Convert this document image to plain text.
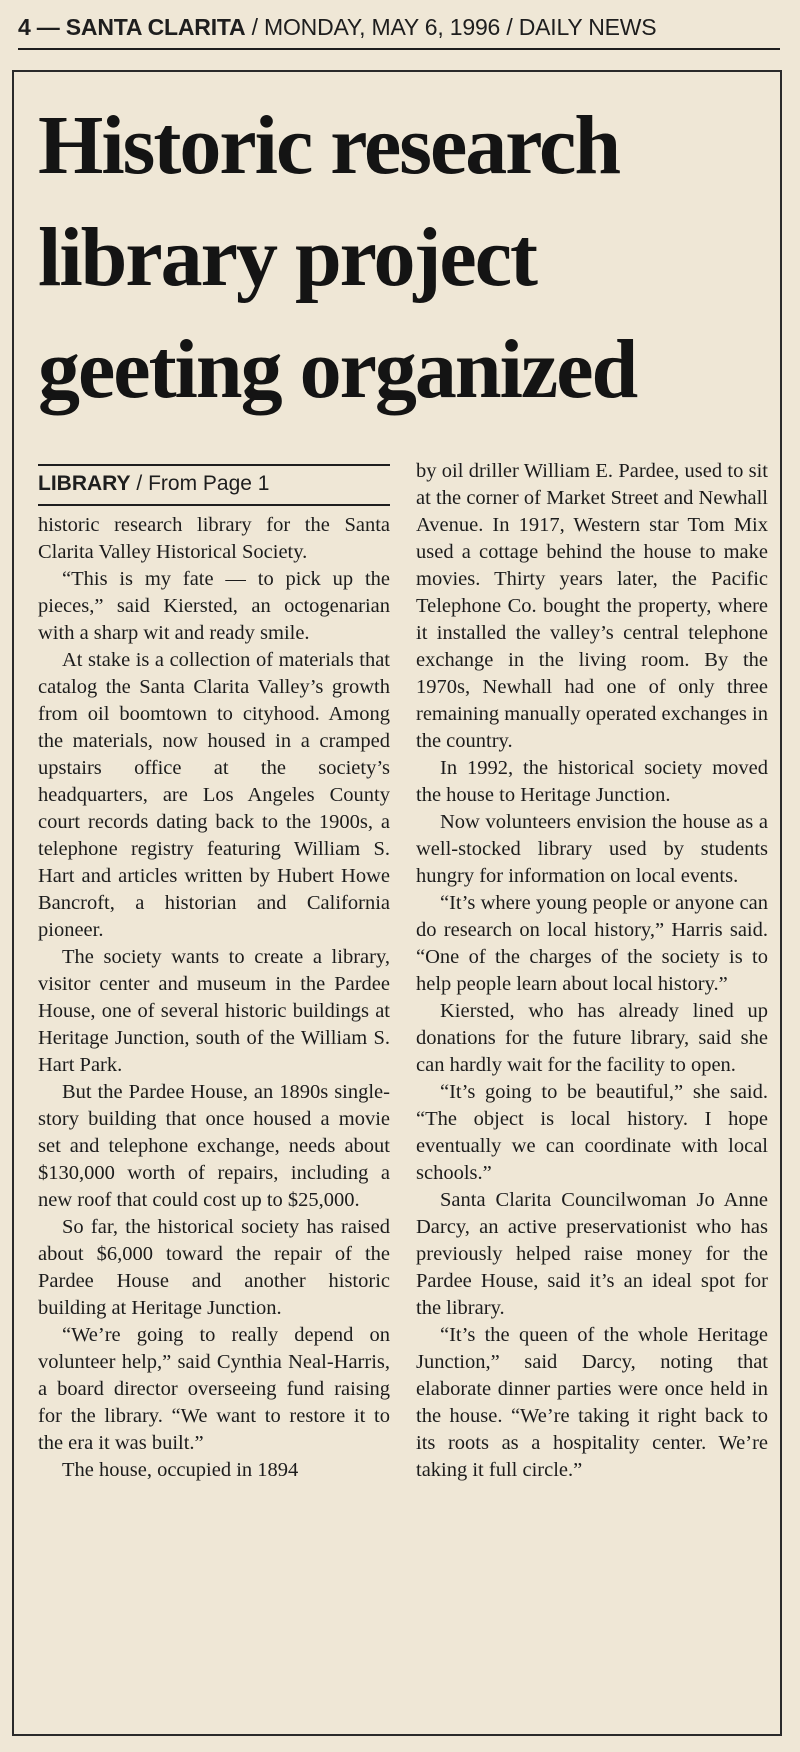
4 — SANTA CLARITA / MONDAY, MAY 6, 1996 / DAILY NEWS
Historic research
library project
geeting organized
LIBRARY / From Page 1

historic research library for the Santa Clarita Valley Historical Society.

“This is my fate — to pick up the pieces,” said Kiersted, an octogenarian with a sharp wit and ready smile.

At stake is a collection of materials that catalog the Santa Clarita Valley’s growth from oil boomtown to cityhood. Among the materials, now housed in a cramped upstairs office at the society’s headquarters, are Los Angeles County court records dating back to the 1900s, a telephone registry featuring William S. Hart and articles written by Hubert Howe Bancroft, a historian and California pioneer.

The society wants to create a library, visitor center and museum in the Pardee House, one of several historic buildings at Heritage Junction, south of the William S. Hart Park.

But the Pardee House, an 1890s single-story building that once housed a movie set and telephone exchange, needs about $130,000 worth of repairs, including a new roof that could cost up to $25,000.

So far, the historical society has raised about $6,000 toward the repair of the Pardee House and another historic building at Heritage Junction.

“We’re going to really depend on volunteer help,” said Cynthia Neal-Harris, a board director overseeing fund raising for the library. “We want to restore it to the era it was built.”

The house, occupied in 1894

by oil driller William E. Pardee, used to sit at the corner of Market Street and Newhall Avenue. In 1917, Western star Tom Mix used a cottage behind the house to make movies. Thirty years later, the Pacific Telephone Co. bought the property, where it installed the valley’s central telephone exchange in the living room. By the 1970s, Newhall had one of only three remaining manually operated exchanges in the country.

In 1992, the historical society moved the house to Heritage Junction.

Now volunteers envision the house as a well-stocked library used by students hungry for information on local events.

“It’s where young people or anyone can do research on local history,” Harris said. “One of the charges of the society is to help people learn about local history.”

Kiersted, who has already lined up donations for the future library, said she can hardly wait for the facility to open.

“It’s going to be beautiful,” she said. “The object is local history. I hope eventually we can coordinate with local schools.”

Santa Clarita Councilwoman Jo Anne Darcy, an active preservationist who has previously helped raise money for the Pardee House, said it’s an ideal spot for the library.

“It’s the queen of the whole Heritage Junction,” said Darcy, noting that elaborate dinner parties were once held in the house. “We’re taking it right back to its roots as a hospitality center. We’re taking it full circle.”
